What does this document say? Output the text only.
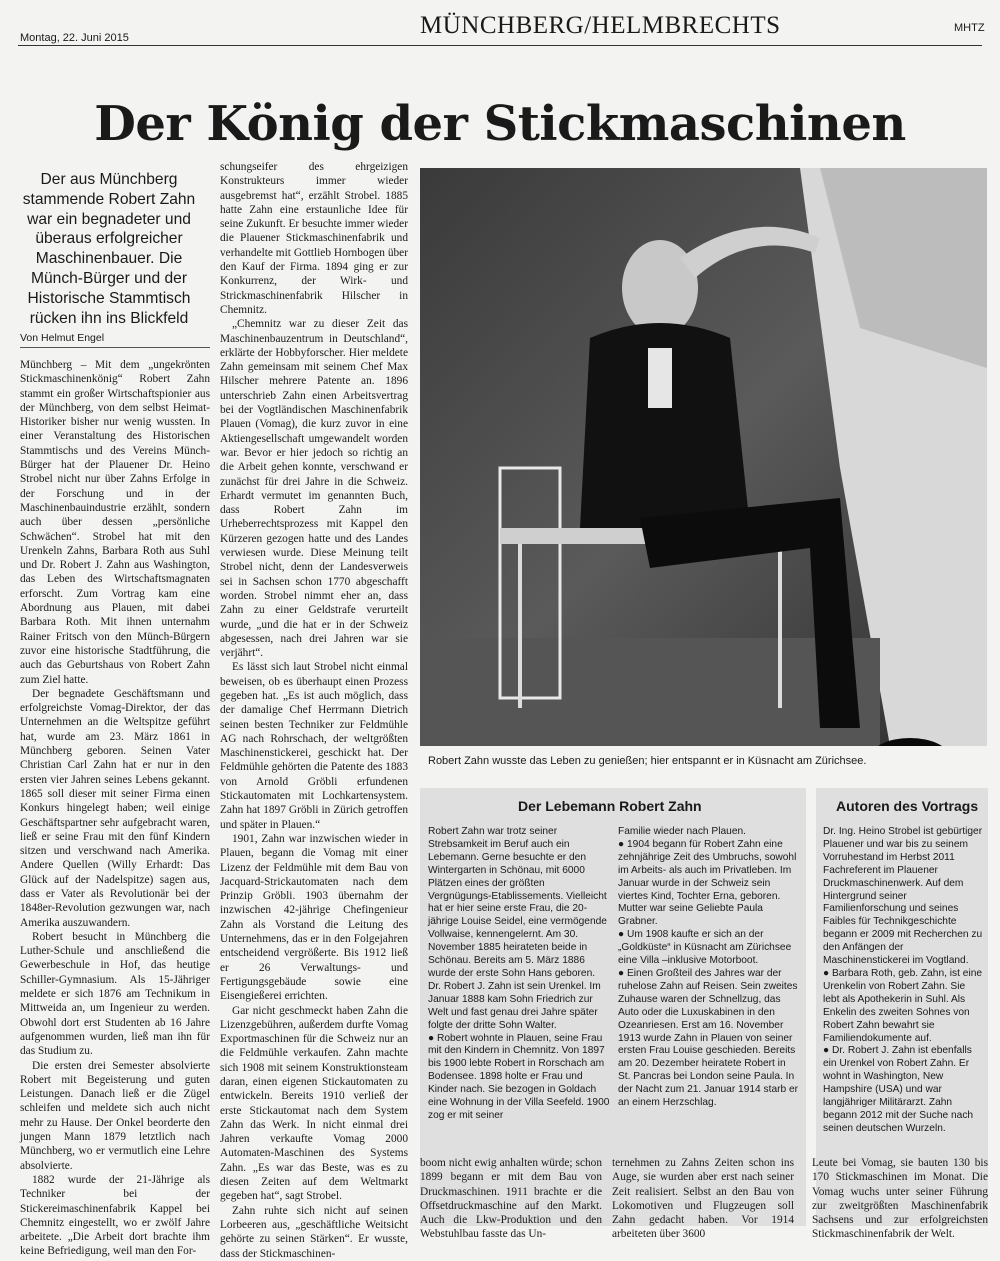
Montag, 22. Juni 2015	MÜNCHBERG/HELMBRECHTS	MHTZ
Der König der Stickmaschinen
Der aus Münchberg stammende Robert Zahn war ein begnadeter und überaus erfolgreicher Maschinenbauer. Die Münch-Bürger und der Historische Stammtisch rücken ihn ins Blickfeld
Von Helmut Engel

Münchberg – Mit dem „ungekrönten Stickmaschinenkönig“ Robert Zahn stammt ein großer Wirtschaftspionier aus der Münchberg, von dem selbst Heimat-Historiker bisher nur wenig wussten. In einer Veranstaltung des Historischen Stammtischs und des Vereins Münch-Bürger hat der Plauener Dr. Heino Strobel nicht nur über Zahns Erfolge in der Forschung und in der Maschinenbauindustrie erzählt, sondern auch über dessen „persönliche Schwächen“. Strobel hat mit den Urenkeln Zahns, Barbara Roth aus Suhl und Dr. Robert J. Zahn aus Washington, das Leben des Wirtschaftsmagnaten erforscht. Zum Vortrag kam eine Abordnung aus Plauen, mit dabei Barbara Roth. Mit ihnen unternahm Rainer Fritsch von den Münch-Bürgern zuvor eine historische Stadtführung, die auch das Geburtshaus von Robert Zahn zum Ziel hatte.

Der begnadete Geschäftsmann und erfolgreichste Vomag-Direktor, der das Unternehmen an die Weltspitze geführt hat, wurde am 23. März 1861 in Münchberg geboren. Seinen Vater Christian Carl Zahn hat er nur in den ersten vier Jahren seines Lebens gekannt. 1865 soll dieser mit seiner Firma einen Konkurs hingelegt haben; weil einige Geschäftspartner sehr aufgebracht waren, ließ er seine Frau mit den fünf Kindern sitzen und verschwand nach Amerika. Andere Quellen (Willy Erhardt: Das Glück auf der Nadelspitze) sagen aus, dass er Vater als Revolutionär bei der 1848er-Revolution gezwungen war, nach Amerika auszuwandern.

Robert besucht in Münchberg die Luther-Schule und anschließend die Gewerbeschule in Hof, das heutige Schiller-Gymnasium. Als 15-Jähriger meldete er sich 1876 am Technikum in Mittweida an, um Ingenieur zu werden. Obwohl dort erst Studenten ab 16 Jahre aufgenommen wurden, ließ man ihn für das Studium zu.

Die ersten drei Semester absolvierte Robert mit Begeisterung und guten Leistungen. Danach ließ er die Zügel schleifen und meldete sich auch nicht mehr zu Hause. Der Onkel beorderte den jungen Mann 1879 letztlich nach Münchberg, wo er vermutlich eine Lehre absolvierte.

1882 wurde der 21-Jährige als Techniker bei der Stickereimaschinenfabrik Kappel bei Chemnitz eingestellt, wo er zwölf Jahre arbeitete. „Die Arbeit dort brachte ihm keine Befriedigung, weil man den For-

schungseifer des ehrgeizigen Konstrukteurs immer wieder ausgebremst hat“, erzählt Strobel. 1885 hatte Zahn eine erstaunliche Idee für seine Zukunft. Er besuchte immer wieder die Plauener Stickmaschinenfabrik und verhandelte mit Gottlieb Hornbogen über den Kauf der Firma. 1894 ging er zur Konkurrenz, der Wirk- und Strickmaschinenfabrik Hilscher in Chemnitz.

„Chemnitz war zu dieser Zeit das Maschinenbauzentrum in Deutschland“, erklärte der Hobbyforscher. Hier meldete Zahn gemeinsam mit seinem Chef Max Hilscher mehrere Patente an. 1896 unterschrieb Zahn einen Arbeitsvertrag bei der Vogtländischen Maschinenfabrik Plauen (Vomag), die kurz zuvor in eine Aktiengesellschaft umgewandelt worden war. Bevor er hier jedoch so richtig an die Arbeit gehen konnte, verschwand er zunächst für drei Jahre in die Schweiz. Erhardt vermutet im genannten Buch, dass Robert Zahn im Urheberrechtsprozess mit Kappel den Kürzeren gezogen hatte und des Landes verwiesen wurde. Diese Meinung teilt Strobel nicht, denn der Landesverweis sei in Sachsen schon 1770 abgeschafft worden. Strobel nimmt eher an, dass Zahn zu einer Geldstrafe verurteilt wurde, „und die hat er in der Schweiz abgesessen, nach drei Jahren war sie verjährt“.

Es lässt sich laut Strobel nicht einmal beweisen, ob es überhaupt einen Prozess gegeben hat. „Es ist auch möglich, dass der damalige Chef Herrmann Dietrich seinen besten Techniker zur Feldmühle AG nach Rohrschach, der weltgrößten Maschinenstickerei, geschickt hat. Der Feldmühle gehörten die Patente des 1883 von Arnold Gröbli erfundenen Stickautomaten mit Lochkartensystem. Zahn hat 1897 Gröbli in Zürich getroffen und später in Plauen.“

1901, Zahn war inzwischen wieder in Plauen, begann die Vomag mit einer Lizenz der Feldmühle mit dem Bau von Jacquard-Strickautomaten nach dem Prinzip Gröbli. 1903 übernahm der inzwischen 42-jährige Chefingenieur Zahn als Vorstand die Leitung des Unternehmens, das er in den Folgejahren entscheidend vergrößerte. Bis 1912 ließ er 26 Verwaltungs- und Fertigungsgebäude sowie eine Eisengießerei errichten.

Gar nicht geschmeckt haben Zahn die Lizenzgebühren, außerdem durfte Vomag Exportmaschinen für die Schweiz nur an die Feldmühle verkaufen. Zahn machte sich 1908 mit seinem Konstruktionsteam daran, einen eigenen Stickautomaten zu entwickeln. Bereits 1910 verließ der erste Stickautomat nach dem System Zahn das Werk. In nicht einmal drei Jahren verkaufte Vomag 2000 Automaten-Maschinen des Systems Zahn. „Es war das Beste, was es zu diesen Zeiten auf dem Weltmarkt gegeben hat“, sagt Strobel.

Zahn ruhte sich nicht auf seinen Lorbeeren aus, „geschäftliche Weitsicht gehörte zu seinen Stärken“. Er wusste, dass der Stickmaschinen-

Robert Zahn wusste das Leben zu genießen; hier entspannt er in Küsnacht am Zürichsee.
Der Lebemann Robert Zahn
Robert Zahn war trotz seiner Strebsamkeit im Beruf auch ein Lebemann. Gerne besuchte er den Wintergarten in Schönau, mit 6000 Plätzen eines der größten Vergnügungs-Etablissements. Vielleicht hat er hier seine erste Frau, die 20-jährige Louise Seidel, eine vermögende Vollwaise, kennengelernt. Am 30. November 1885 heirateten beide in Schönau. Bereits am 5. März 1886 wurde der erste Sohn Hans geboren. Dr. Robert J. Zahn ist sein Urenkel. Im Januar 1888 kam Sohn Friedrich zur Welt und fast genau drei Jahre später folgte der dritte Sohn Walter.
● Robert wohnte in Plauen, seine Frau mit den Kindern in Chemnitz. Von 1897 bis 1900 lebte Robert in Rorschach am Bodensee. 1898 holte er Frau und Kinder nach. Sie bezogen in Goldach eine Wohnung in der Villa Seefeld. 1900 zog er mit seiner
Familie wieder nach Plauen.
● 1904 begann für Robert Zahn eine zehnjährige Zeit des Umbruchs, sowohl im Arbeits- als auch im Privatleben. Im Januar wurde in der Schweiz sein viertes Kind, Tochter Erna, geboren. Mutter war seine Geliebte Paula Grabner.
● Um 1908 kaufte er sich an der „Goldküste“ in Küsnacht am Zürichsee eine Villa –inklusive Motorboot.
● Einen Großteil des Jahres war der ruhelose Zahn auf Reisen. Sein zweites Zuhause waren der Schnellzug, das Auto oder die Luxuskabinen in den Ozeanriesen. Erst am 16. November 1913 wurde Zahn in Plauen von seiner ersten Frau Louise geschieden. Bereits am 20. Dezember heiratete Robert in St. Pancras bei London seine Paula. In der Nacht zum 21. Januar 1914 starb er an einem Herzschlag.
Autoren des Vortrags
Dr. Ing. Heino Strobel ist gebürtiger Plauener und war bis zu seinem Vorruhestand im Herbst 2011 Fachreferent im Plauener Druckmaschinenwerk. Auf dem Hintergrund seiner Familienforschung und seines Faibles für Technikgeschichte begann er 2009 mit Recherchen zu den Anfängen der Maschinenstickerei im Vogtland.
● Barbara Roth, geb. Zahn, ist eine Urenkelin von Robert Zahn. Sie lebt als Apothekerin in Suhl. Als Enkelin des zweiten Sohnes von Robert Zahn bewahrt sie Familiendokumente auf.
● Dr. Robert J. Zahn ist ebenfalls ein Urenkel von Robert Zahn. Er wohnt in Washington, New Hampshire (USA) und war langjähriger Militärarzt. Zahn begann 2012 mit der Suche nach seinen deutschen Wurzeln.
boom nicht ewig anhalten würde; schon 1899 begann er mit dem Bau von Druckmaschinen. 1911 brachte er die Offsetdruckmaschine auf den Markt. Auch die Lkw-Produktion und den Webstuhlbau fasste das Un-
ternehmen zu Zahns Zeiten schon ins Auge, sie wurden aber erst nach seiner Zeit realisiert. Selbst an den Bau von Lokomotiven und Flugzeugen soll Zahn gedacht haben. Vor 1914 arbeiteten über 3600
Leute bei Vomag, sie bauten 130 bis 170 Stickmaschinen im Monat. Die Vomag wuchs unter seiner Führung zur zweitgrößten Maschinenfabrik Sachsens und zur erfolgreichsten Stickmaschinenfabrik der Welt.
